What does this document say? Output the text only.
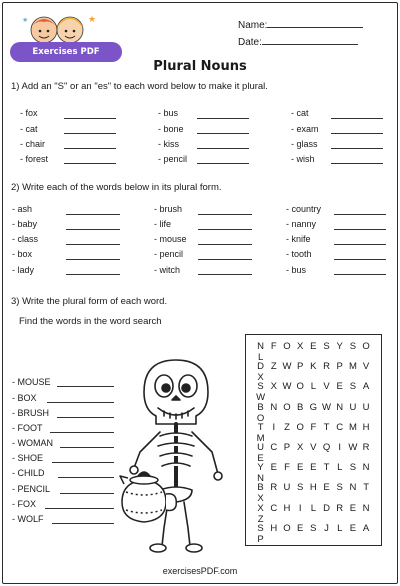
★
★
Exercises PDF
Name:
Date:
Plural Nouns
1) Add an "S" or an "es" to each word below to make it plural.
- fox
- cat
- chair
- forest
- bus
- bone
- kiss
- pencil
- cat
- exam
- glass
- wish
2) Write each of the words below in its plural form.
- ash
- baby
- class
- box
- lady
- brush
- life
- mouse
- pencil
- witch
- country
- nanny
- knife
- tooth
- bus
3) Write the plural form of each word.
Find the words in the word search
- MOUSE
- BOX
- BRUSH
- FOOT
- WOMAN
- SHOE
- CHILD
- PENCIL
- FOX
- WOLF
N F O X E S Y S OL
D Z W P K R P M VX
S X W O L V E S AW
B N O B G W N U UO
T I Z O F T C M HM
U C P X V Q I W RE
Y E F E E T L S NN
B R U S H E S N TX
X C H I L D R E NZ
S H O E S J L E AP
exercisesPDF.com
